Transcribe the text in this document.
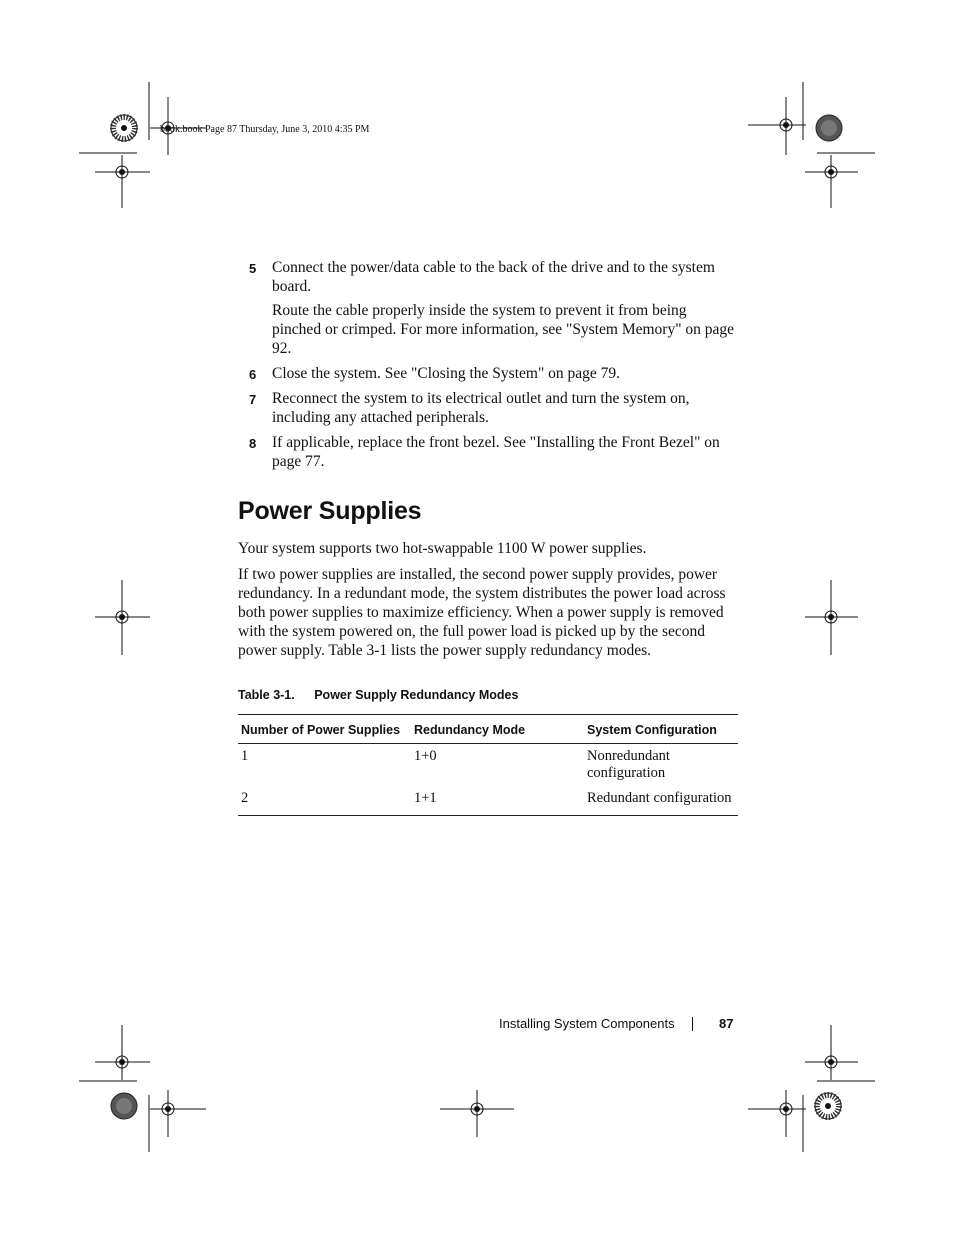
book.book Page 87 Thursday, June 3, 2010 4:35 PM
5 Connect the power/data cable to the back of the drive and to the system board.
Route the cable properly inside the system to prevent it from being pinched or crimped. For more information, see "System Memory" on page 92.
6 Close the system. See "Closing the System" on page 79.
7 Reconnect the system to its electrical outlet and turn the system on, including any attached peripherals.
8 If applicable, replace the front bezel. See "Installing the Front Bezel" on page 77.
Power Supplies

Your system supports two hot-swappable 1100 W power supplies.

If two power supplies are installed, the second power supply provides, power redundancy. In a redundant mode, the system distributes the power load across both power supplies to maximize efficiency. When a power supply is removed with the system powered on, the full power load is picked up by the second power supply. Table 3-1 lists the power supply redundancy modes.

Table 3-1. Power Supply Redundancy Modes
Number of Power Supplies	Redundancy Mode	System Configuration
1	1+0	Nonredundant configuration
2	1+1	Redundant configuration
Installing System Components	87
